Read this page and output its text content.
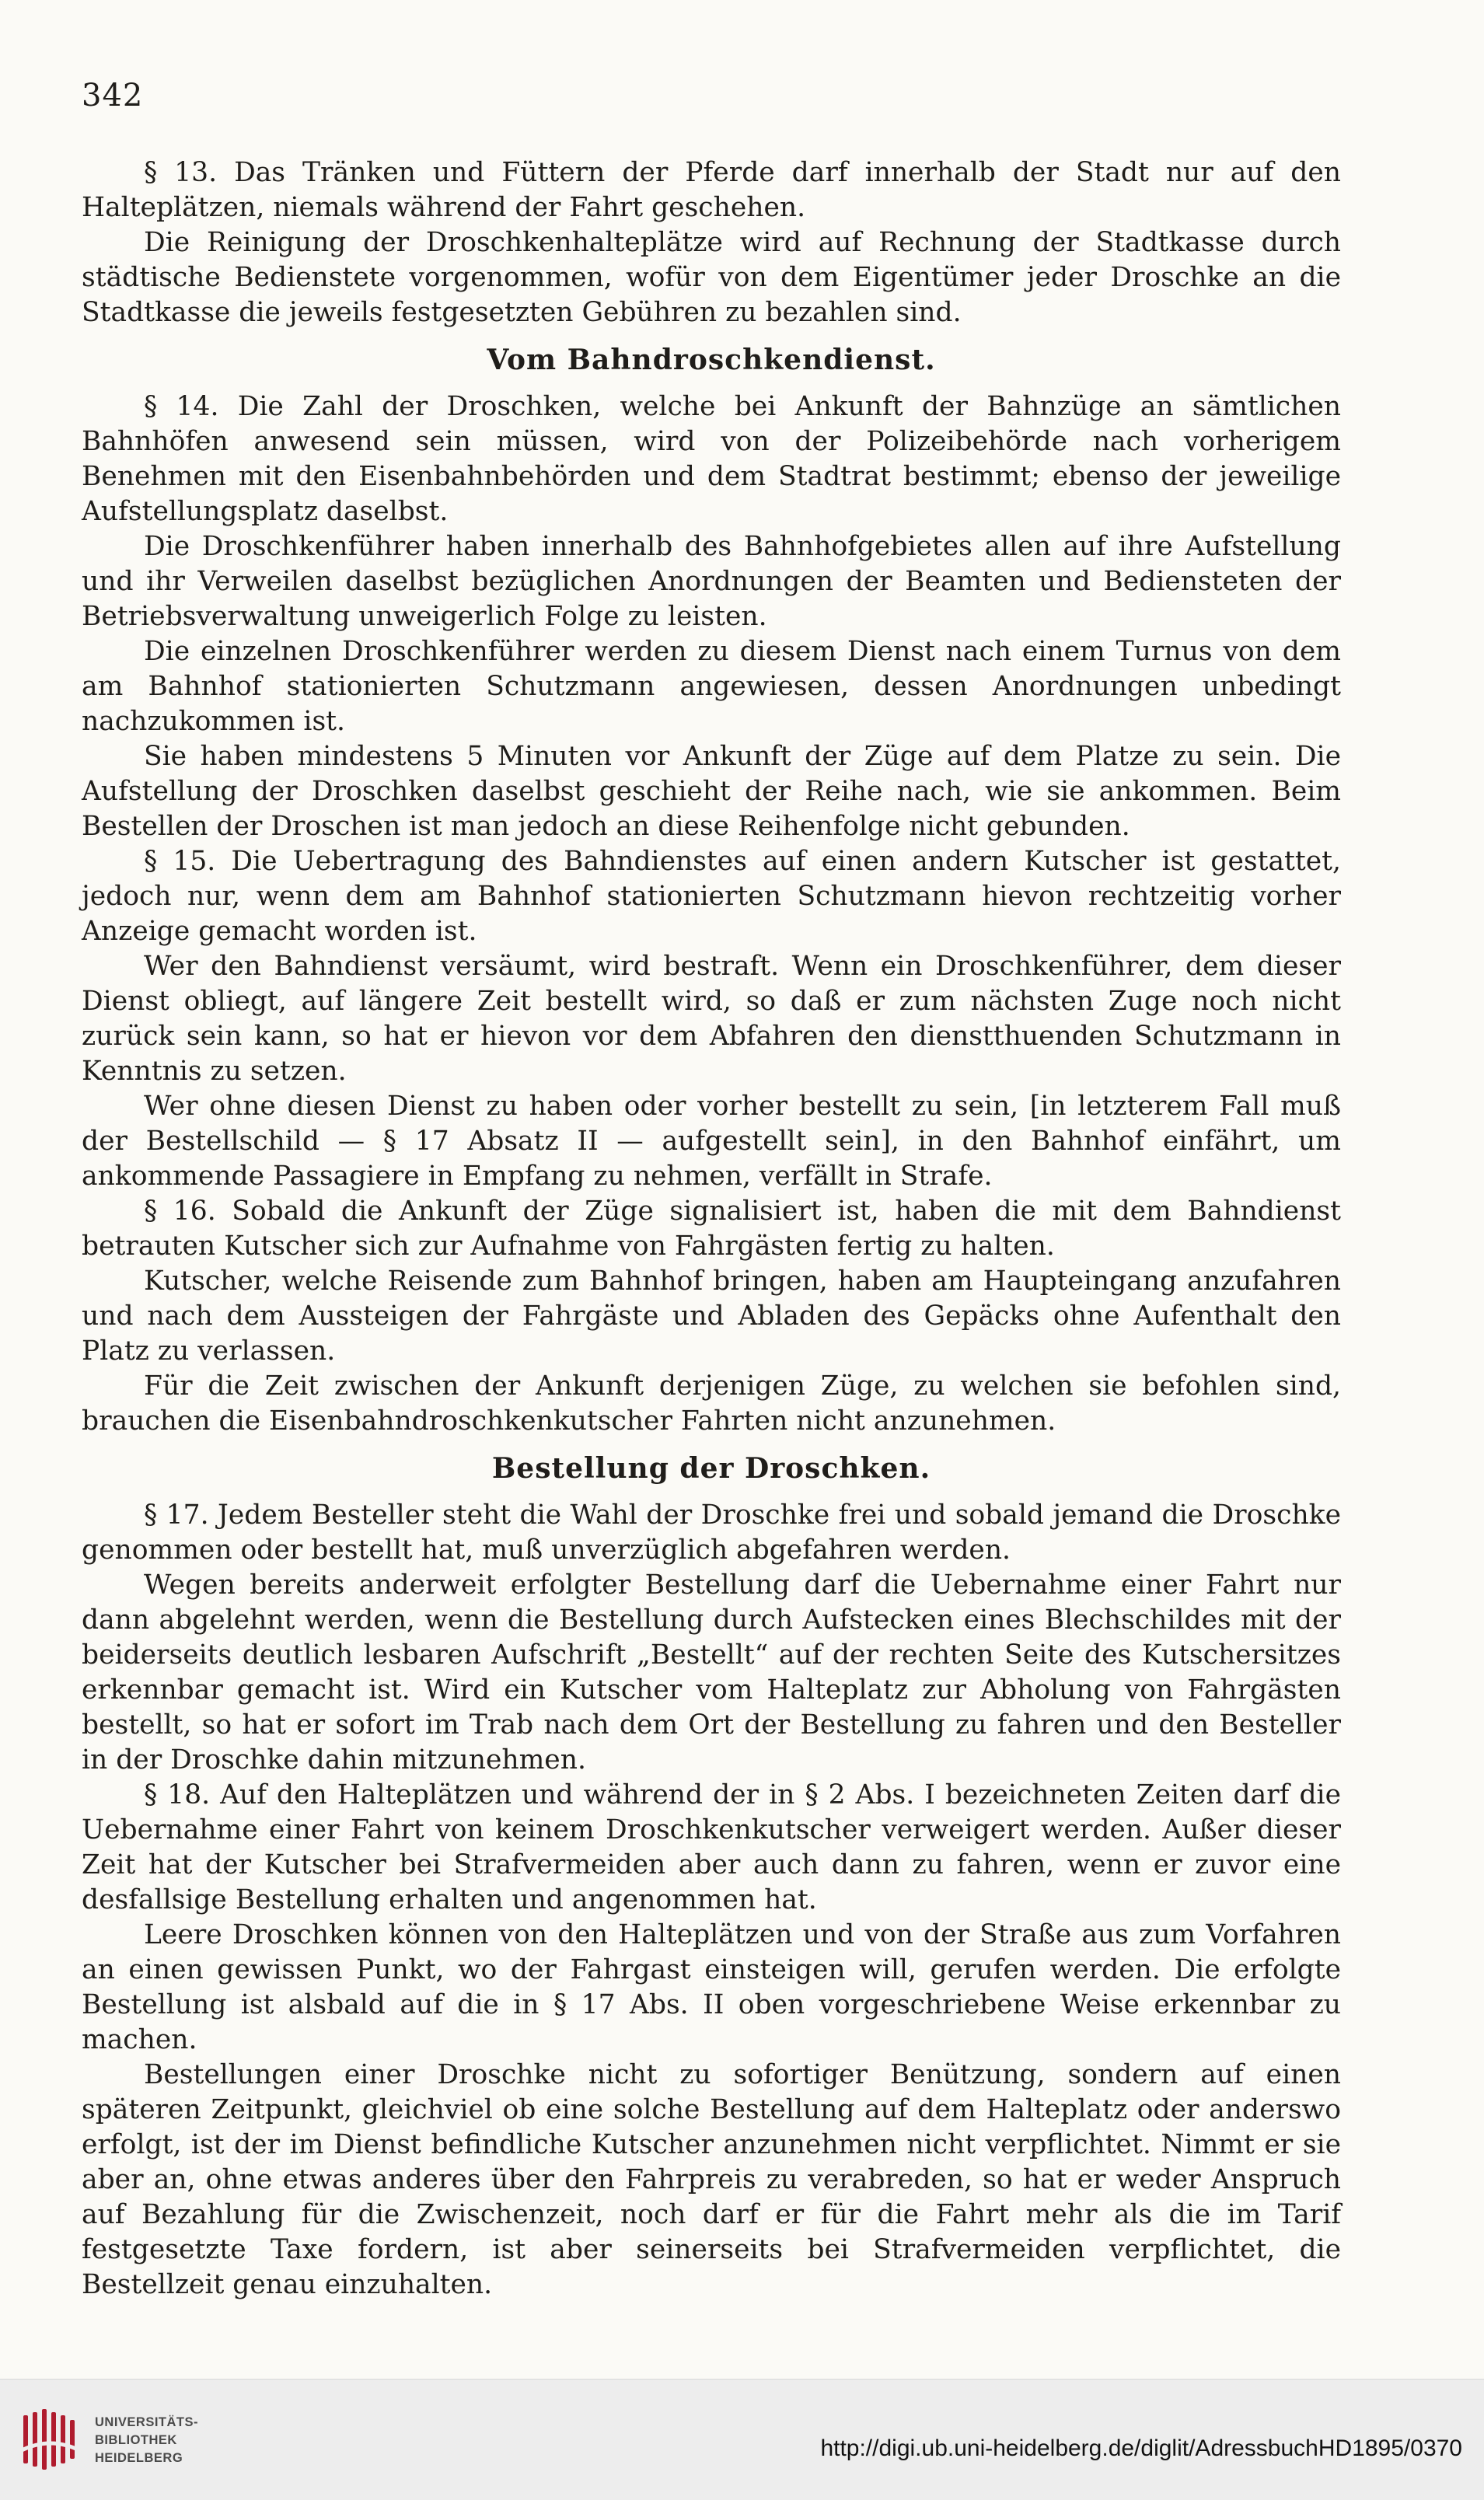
342

§ 13. Das Tränken und Füttern der Pferde darf innerhalb der Stadt nur auf den Halteplätzen, niemals während der Fahrt geschehen.

Die Reinigung der Droschkenhalteplätze wird auf Rechnung der Stadtkasse durch städtische Bedienstete vorgenommen, wofür von dem Eigentümer jeder Droschke an die Stadtkasse die jeweils festgesetzten Gebühren zu bezahlen sind.

Vom Bahndroschkendienst.

§ 14. Die Zahl der Droschken, welche bei Ankunft der Bahnzüge an sämtlichen Bahnhöfen anwesend sein müssen, wird von der Polizeibehörde nach vorherigem Benehmen mit den Eisenbahnbehörden und dem Stadtrat bestimmt; ebenso der jeweilige Aufstellungsplatz daselbst.

Die Droschkenführer haben innerhalb des Bahnhofgebietes allen auf ihre Aufstellung und ihr Verweilen daselbst bezüglichen Anordnungen der Beamten und Bediensteten der Betriebsverwaltung unweigerlich Folge zu leisten.

Die einzelnen Droschkenführer werden zu diesem Dienst nach einem Turnus von dem am Bahnhof stationierten Schutzmann angewiesen, dessen Anordnungen unbedingt nachzukommen ist.

Sie haben mindestens 5 Minuten vor Ankunft der Züge auf dem Platze zu sein. Die Aufstellung der Droschken daselbst geschieht der Reihe nach, wie sie ankommen. Beim Bestellen der Droschen ist man jedoch an diese Reihenfolge nicht gebunden.

§ 15. Die Uebertragung des Bahndienstes auf einen andern Kutscher ist gestattet, jedoch nur, wenn dem am Bahnhof stationierten Schutzmann hievon rechtzeitig vorher Anzeige gemacht worden ist.

Wer den Bahndienst versäumt, wird bestraft. Wenn ein Droschkenführer, dem dieser Dienst obliegt, auf längere Zeit bestellt wird, so daß er zum nächsten Zuge noch nicht zurück sein kann, so hat er hievon vor dem Abfahren den dienstthuenden Schutzmann in Kenntnis zu setzen.

Wer ohne diesen Dienst zu haben oder vorher bestellt zu sein, [in letzterem Fall muß der Bestellschild — § 17 Absatz II — aufgestellt sein], in den Bahnhof einfährt, um ankommende Passagiere in Empfang zu nehmen, verfällt in Strafe.

§ 16. Sobald die Ankunft der Züge signalisiert ist, haben die mit dem Bahndienst betrauten Kutscher sich zur Aufnahme von Fahrgästen fertig zu halten.

Kutscher, welche Reisende zum Bahnhof bringen, haben am Haupteingang anzufahren und nach dem Aussteigen der Fahrgäste und Abladen des Gepäcks ohne Aufenthalt den Platz zu verlassen.

Für die Zeit zwischen der Ankunft derjenigen Züge, zu welchen sie befohlen sind, brauchen die Eisenbahndroschkenkutscher Fahrten nicht anzunehmen.

Bestellung der Droschken.

§ 17. Jedem Besteller steht die Wahl der Droschke frei und sobald jemand die Droschke genommen oder bestellt hat, muß unverzüglich abgefahren werden.

Wegen bereits anderweit erfolgter Bestellung darf die Uebernahme einer Fahrt nur dann abgelehnt werden, wenn die Bestellung durch Aufstecken eines Blechschildes mit der beiderseits deutlich lesbaren Aufschrift „Bestellt“ auf der rechten Seite des Kutschersitzes erkennbar gemacht ist. Wird ein Kutscher vom Halteplatz zur Abholung von Fahrgästen bestellt, so hat er sofort im Trab nach dem Ort der Bestellung zu fahren und den Besteller in der Droschke dahin mitzunehmen.

§ 18. Auf den Halteplätzen und während der in § 2 Abs. I bezeichneten Zeiten darf die Uebernahme einer Fahrt von keinem Droschkenkutscher verweigert werden. Außer dieser Zeit hat der Kutscher bei Strafvermeiden aber auch dann zu fahren, wenn er zuvor eine desfallsige Bestellung erhalten und angenommen hat.

Leere Droschken können von den Halteplätzen und von der Straße aus zum Vorfahren an einen gewissen Punkt, wo der Fahrgast einsteigen will, gerufen werden. Die erfolgte Bestellung ist alsbald auf die in § 17 Abs. II oben vorgeschriebene Weise erkennbar zu machen.

Bestellungen einer Droschke nicht zu sofortiger Benützung, sondern auf einen späteren Zeitpunkt, gleichviel ob eine solche Bestellung auf dem Halteplatz oder anderswo erfolgt, ist der im Dienst befindliche Kutscher anzunehmen nicht verpflichtet. Nimmt er sie aber an, ohne etwas anderes über den Fahrpreis zu verabreden, so hat er weder Anspruch auf Bezahlung für die Zwischenzeit, noch darf er für die Fahrt mehr als die im Tarif festgesetzte Taxe fordern, ist aber seinerseits bei Strafvermeiden verpflichtet, die Bestellzeit genau einzuhalten.

UNIVERSITÄTS-
BIBLIOTHEK
HEIDELBERG	http://digi.ub.uni-heidelberg.de/diglit/AdressbuchHD1895/0370
